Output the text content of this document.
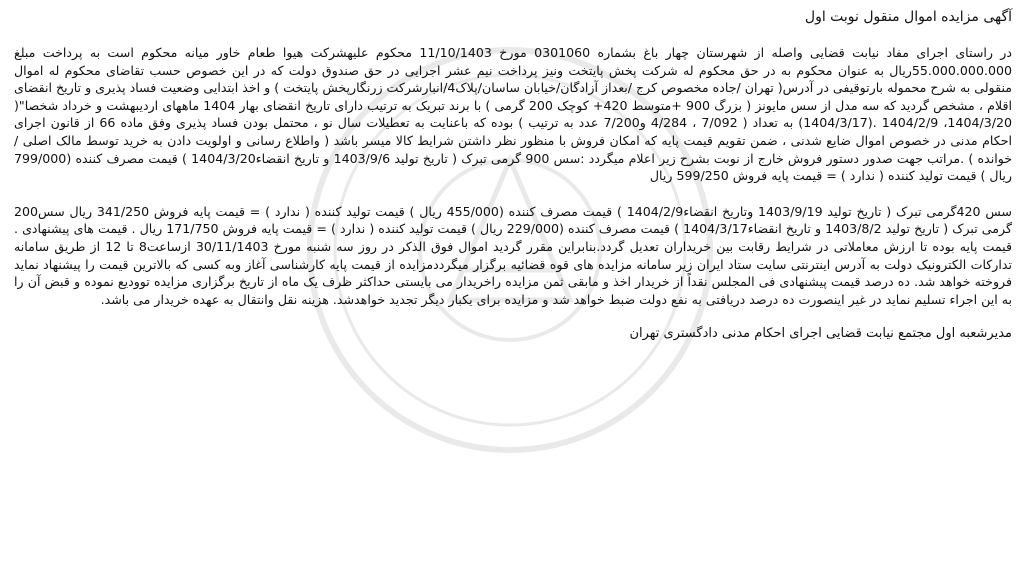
آگهی مزایده اموال منقول نوبت اول

در راستای اجرای مفاد نیابت قضایی واصله از شهرستان چهار باغ بشماره 0301060 مورخ 11/10/1403 محکوم علیهشرکت هیوا طعام خاور میانه محکوم است به پرداخت مبلغ 55.000.000.000ریال به عنوان محکوم به در حق محکوم له شرکت پخش پایتخت ونیز پرداخت نیم عشر اجرایی در حق صندوق دولت که در این خصوص حسب تقاضای محکوم له اموال منقولی به شرح محموله بارتوقیفی در آدرس( تهران /جاده مخصوص کرج /بعداز آزادگان/خیابان ساسان/پلاک4/انبارشرکت زرنگارپخش پایتخت ) و اخذ ابتدایی وضعیت فساد پذیری و تاریخ انقضای اقلام ، مشخص گردید که سه مدل از سس مایونز ( بزرگ 900 +متوسط 420+ کوچک 200 گرمی ) با برند تبریک به ترتیب دارای تاریخ انقضای بهار 1404 ماههای اردیبهشت و خرداد شخصا"( 1404/3/20، 1404/2/9 .(1404/3/17) به تعداد ( 7/092 ، 4/284 و7/200 عدد به ترتیب ) بوده که باعنایت به تعطیلات سال نو ، محتمل بودن فساد پذیری وفق ماده 66 از قانون اجرای احکام مدنی در خصوص اموال ضایع شدنی ، ضمن تقویم قیمت پایه که امکان فروش با منظور نظر داشتن شرایط کالا میسر باشد ( واطلاع رسانی و اولویت دادن به خرید توسط مالک اصلی /خوانده ) .مراتب جهت صدور دستور فروش خارج از نوبت بشرح زیر اعلام میگردد :سس 900 گرمی تبرک ( تاریخ تولید 1403/9/6 و تاریخ انقضاء1404/3/20 ) قیمت مصرف کننده (799/000 ریال ) قیمت تولید کننده ( ندارد ) = قیمت پایه فروش 599/250 ریال

سس 420گرمی تبرک ( تاریخ تولید 1403/9/19 وتاریخ انقضاء1404/2/9 ) قیمت مصرف کننده (455/000 ریال ) قیمت تولید کننده ( ندارد ) = قیمت پایه فروش 341/250 ریال سس200 گرمی تبرک ( تاریخ تولید 1403/8/2 و تاریخ انقضاء1404/3/17 ) قیمت مصرف کننده (229/000 ریال ) قیمت تولید کننده ( ندارد ) = قیمت پایه فروش 171/750 ریال . قیمت های پیشنهادی . قیمت پایه بوده تا ارزش معاملاتی در شرایط رقابت بین خریداران تعدیل گردد.بنابراین مقرر گردید اموال فوق الذکر در روز سه شنبه مورخ 30/11/1403 ازساعت8 تا 12 از طریق سامانه تدارکات الکترونیک دولت به آدرس اینترنتی سایت ستاد ایران زیر سامانه مزایده های قوه قضائیه برگزار میگرددمزایده از قیمت پایه کارشناسی آغاز وبه کسی که بالاترین قیمت را پیشنهاد نماید فروخته خواهد شد. ده درصد قیمت پیشنهادی فی المجلس نقداً از خریدار اخذ و مابقی ثمن مزایده راخریدار می بایستی حداکثر ظرف یک ماه از تاریخ برگزاری مزایده توودیع نموده و قبض آن را به این اجراء تسلیم نماید در غیر اینصورت ده درصد دریافتی به نفع دولت ضبط خواهد شد و مزایده برای یکبار دیگر تجدید خواهدشد. هزینه نقل وانتقال به عهده خریدار می باشد.

مدیرشعبه اول مجتمع نیابت قضایی اجرای احکام مدنی دادگستری تهران
